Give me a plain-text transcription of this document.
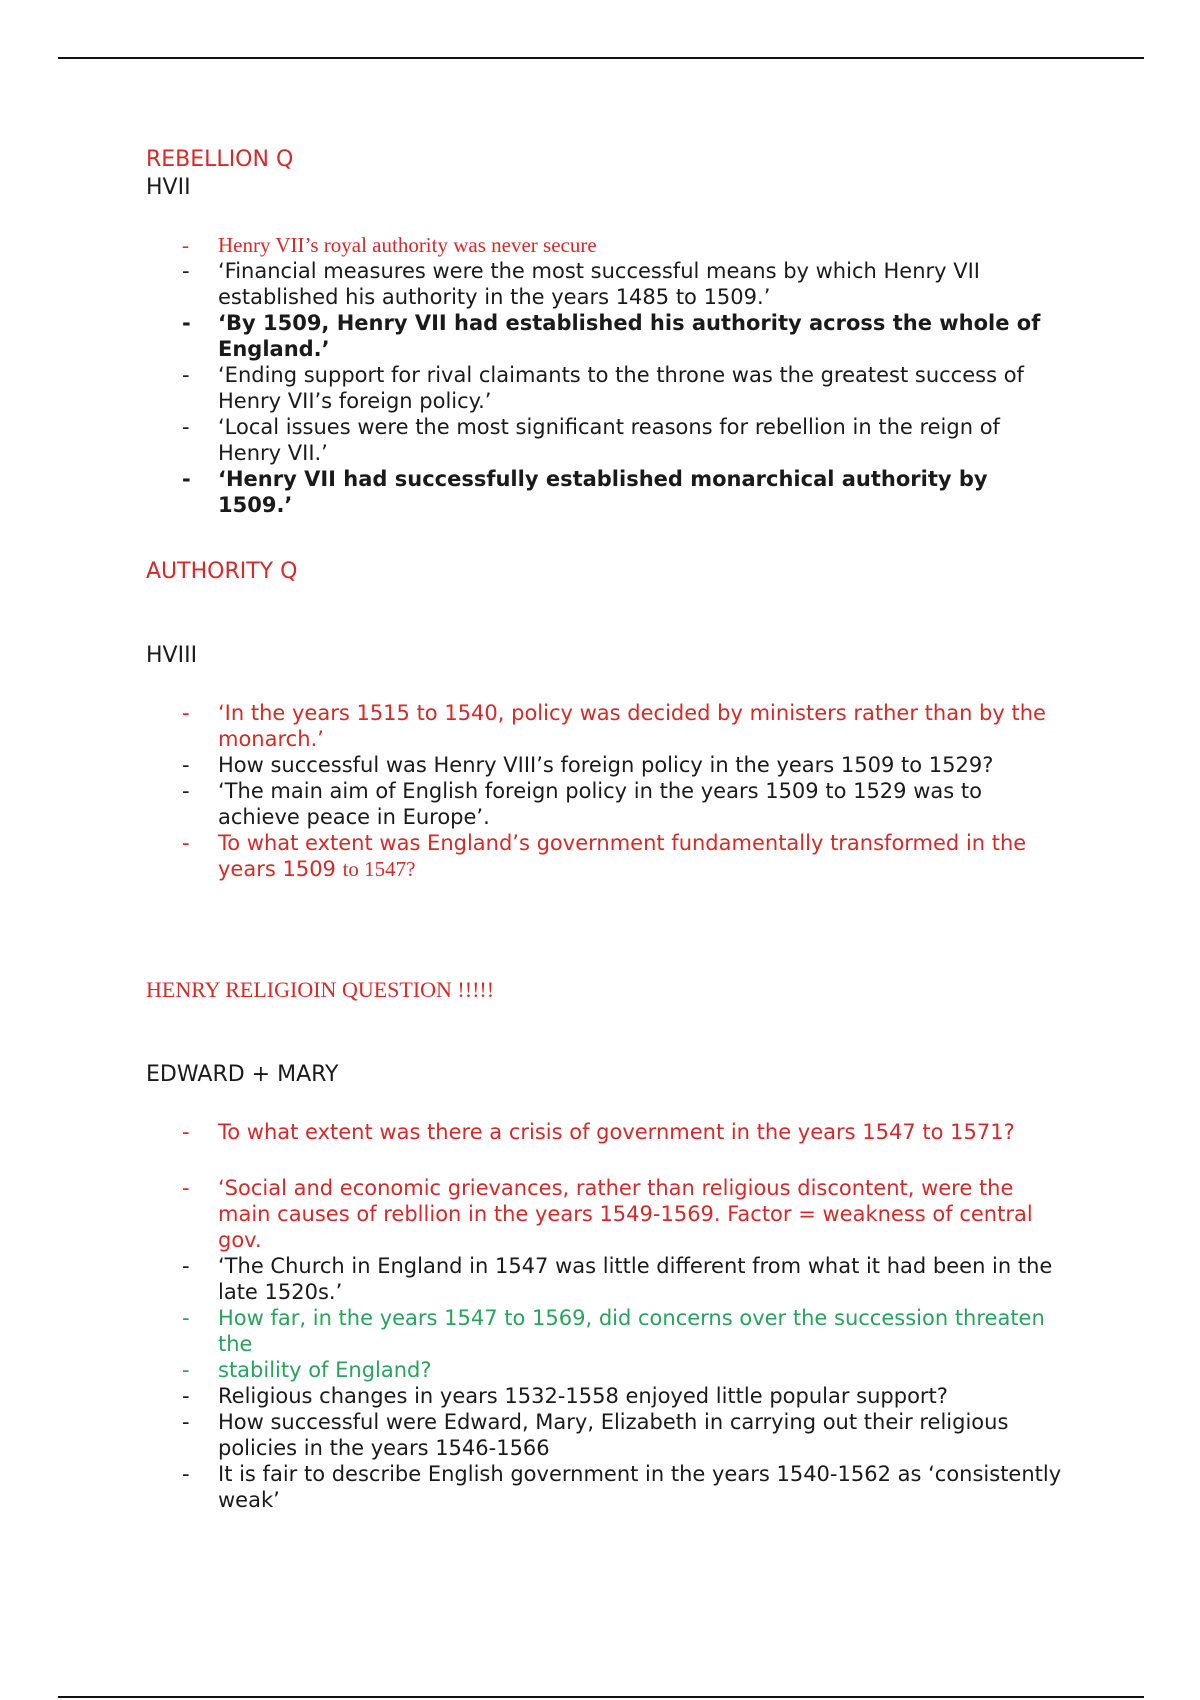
REBELLION Q
HVII
- Henry VII’s royal authority was never secure
- ‘Financial measures were the most successful means by which Henry VII established his authority in the years 1485 to 1509.’
- ‘By 1509, Henry VII had established his authority across the whole of England.’
- ‘Ending support for rival claimants to the throne was the greatest success of Henry VII’s foreign policy.’
- ‘Local issues were the most significant reasons for rebellion in the reign of Henry VII.’
- ‘Henry VII had successfully established monarchical authority by 1509.’
AUTHORITY Q
HVIII
- ‘In the years 1515 to 1540, policy was decided by ministers rather than by the monarch.’
- How successful was Henry VIII’s foreign policy in the years 1509 to 1529?
- ‘The main aim of English foreign policy in the years 1509 to 1529 was to achieve peace in Europe’.
- To what extent was England’s government fundamentally transformed in the years 1509 to 1547?
HENRY RELIGIOIN QUESTION !!!!!
EDWARD + MARY
- To what extent was there a crisis of government in the years 1547 to 1571?
- ‘Social and economic grievances, rather than religious discontent, were the main causes of rebllion in the years 1549-1569. Factor = weakness of central gov.
- ‘The Church in England in 1547 was little different from what it had been in the late 1520s.’
- How far, in the years 1547 to 1569, did concerns over the succession threaten the
- stability of England?
- Religious changes in years 1532-1558 enjoyed little popular support?
- How successful were Edward, Mary, Elizabeth in carrying out their religious policies in the years 1546-1566
- It is fair to describe English government in the years 1540-1562 as ‘consistently weak’
